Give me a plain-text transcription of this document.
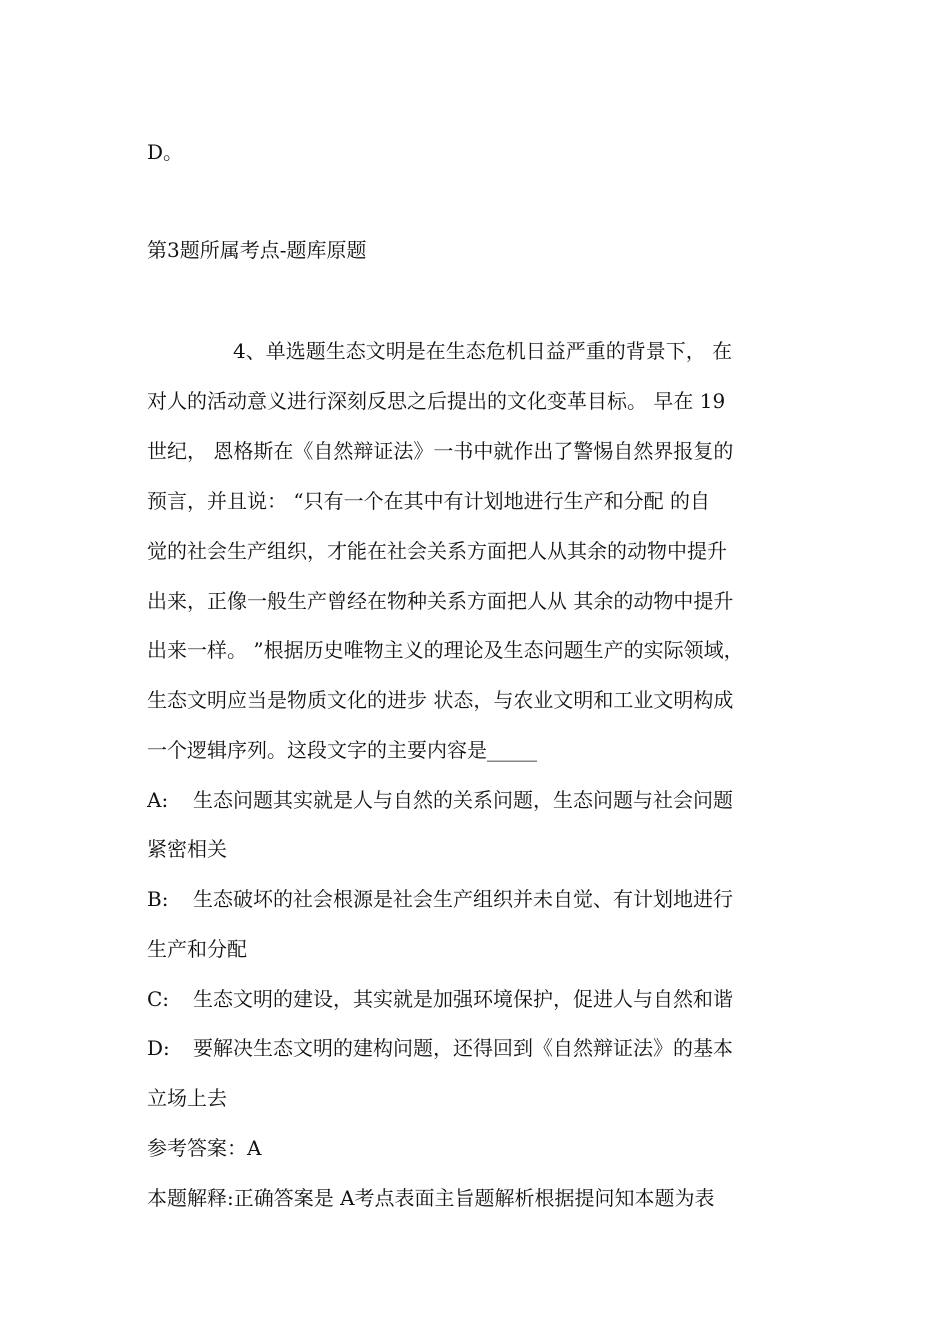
D。
第3题所属考点-题库原题
4、单选题生态文明是在生态危机日益严重的背景下， 在
对人的活动意义进行深刻反思之后提出的文化变革目标。 早在 19
世纪， 恩格斯在《自然辩证法》一书中就作出了警惕自然界报复的
预言，并且说： “只有一个在其中有计划地进行生产和分配 的自
觉的社会生产组织，才能在社会关系方面把人从其余的动物中提升
出来，正像一般生产曾经在物种关系方面把人从 其余的动物中提升
出来一样。 ”根据历史唯物主义的理论及生态问题生产的实际领域，
生态文明应当是物质文化的进步 状态，与农业文明和工业文明构成
一个逻辑序列。这段文字的主要内容是_____
A: 生态问题其实就是人与自然的关系问题，生态问题与社会问题
紧密相关
B: 生态破坏的社会根源是社会生产组织并未自觉、有计划地进行
生产和分配
C: 生态文明的建设，其实就是加强环境保护，促进人与自然和谐
D: 要解决生态文明的建构问题，还得回到《自然辩证法》的基本
立场上去
参考答案：A
本题解释:正确答案是 A考点表面主旨题解析根据提问知本题为表
